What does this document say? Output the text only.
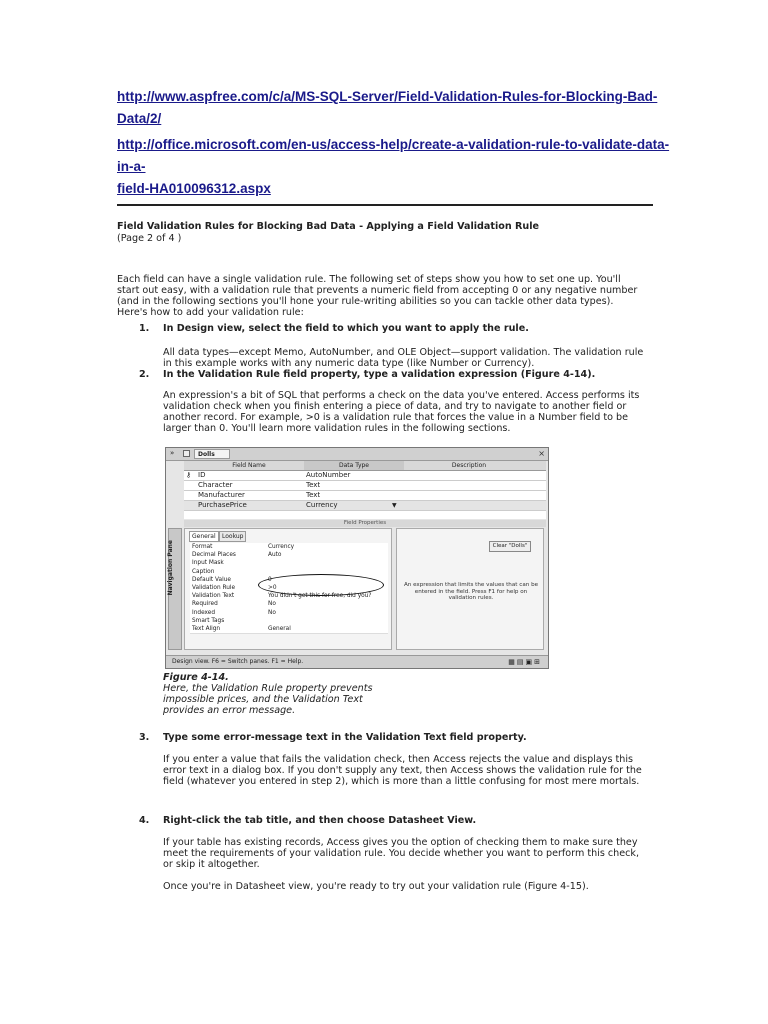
http://www.aspfree.com/c/a/MS-SQL-Server/Field-Validation-Rules-for-Blocking-Bad-
Data/2/
http://office.microsoft.com/en-us/access-help/create-a-validation-rule-to-validate-data-in-a-
field-HA010096312.aspx
Field Validation Rules for Blocking Bad Data - Applying a Field Validation Rule
(Page 2 of 4 )
Each field can have a single validation rule. The following set of steps show you how to set one up. You'll
start out easy, with a validation rule that prevents a numeric field from accepting 0 or any negative number
(and in the following sections you'll hone your rule-writing abilities so you can tackle other data types).
Here's how to add your validation rule:
1. In Design view, select the field to which you want to apply the rule.
All data types—except Memo, AutoNumber, and OLE Object—support validation. The validation rule
in this example works with any numeric data type (like Number or Currency).
2. In the Validation Rule field property, type a validation expression (Figure 4-14).
An expression's a bit of SQL that performs a check on the data you've entered. Access performs its
validation check when you finish entering a piece of data, and try to navigate to another field or
another record. For example, >0 is a validation rule that forces the value in a Number field to be
larger than 0. You'll learn more validation rules in the following sections.
»	Dolls	×
Field Name	Data Type	Description
⚷ ID	AutoNumber
Character	Text
Manufacturer	Text
PurchasePrice	Currency	▼
Field Properties
Navigation Pane
General	Lookup
Format	Currency
Decimal Places	Auto
Input Mask
Caption
Default Value	0
Validation Rule	>0
Validation Text	You didn't get this for free, did you?
Required	No
Indexed	No
Smart Tags
Text Align	General
Clear "Dolls"
An expression that limits the values that can be entered in the field. Press F1 for help on validation rules.
Design view. F6 = Switch panes. F1 = Help.	▦▤▣⊞
Figure 4-14.
Here, the Validation Rule property prevents
impossible prices, and the Validation Text
provides an error message.
3. Type some error-message text in the Validation Text field property.
If you enter a value that fails the validation check, then Access rejects the value and displays this
error text in a dialog box. If you don't supply any text, then Access shows the validation rule for the
field (whatever you entered in step 2), which is more than a little confusing for most mere mortals.
4. Right-click the tab title, and then choose Datasheet View.
If your table has existing records, Access gives you the option of checking them to make sure they
meet the requirements of your validation rule. You decide whether you want to perform this check,
or skip it altogether.
Once you're in Datasheet view, you're ready to try out your validation rule (Figure 4-15).
